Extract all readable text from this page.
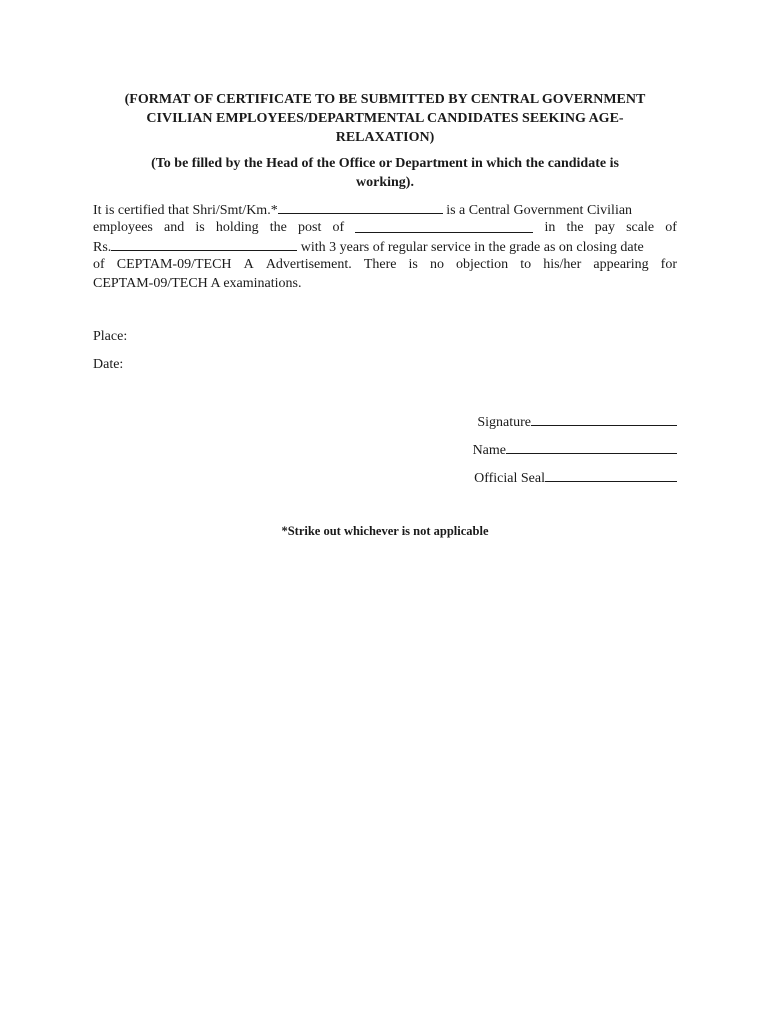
(FORMAT OF CERTIFICATE TO BE SUBMITTED BY CENTRAL GOVERNMENT
CIVILIAN EMPLOYEES/DEPARTMENTAL CANDIDATES SEEKING AGE-
RELAXATION)
(To be filled by the Head of the Office or Department in which the candidate is
working).
It is certified that Shri/Smt/Km.*	is a Central Government Civilian
employees and is holding the post of	in the pay scale of
Rs.	with 3 years of regular service in the grade as on closing date
of CEPTAM-09/TECH A Advertisement. There is no objection to his/her appearing for
CEPTAM-09/TECH A examinations.
Place:
Date:
Signature
Name
Official Seal
*Strike out whichever is not applicable
